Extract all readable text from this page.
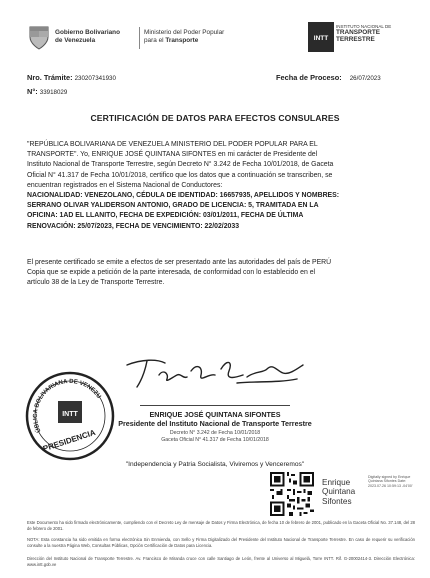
Gobierno Bolivariano
de Venezuela
Ministerio del Poder Popular
para el Transporte	INTT
INSTITUTO NACIONAL DE
TRANSPORTE
TERRESTRE
Nro. Trámite: 230207341930	Fecha de Proceso: 26/07/2023
N°: 33918029
CERTIFICACIÓN DE DATOS PARA EFECTOS CONSULARES
"REPÚBLICA BOLIVARIANA DE VENEZUELA MINISTERIO DEL PODER POPULAR PARA EL
TRANSPORTE". Yo, ENRIQUE JOSÉ QUINTANA SIFONTES en mi carácter de Presidente del
Instituto Nacional de Transporte Terrestre, según Decreto N° 3.242 de Fecha 10/01/2018, de Gaceta
Oficial N° 41.317 de Fecha 10/01/2018, certifico que los datos que a continuación se transcriben, se
encuentran registrados en el Sistema Nacional de Conductores:
NACIONALIDAD: VENEZOLANO, CÉDULA DE IDENTIDAD: 16657935, APELLIDOS Y NOMBRES:
SERRANO OLIVAR YALIDERSON ANTONIO, GRADO DE LICENCIA: 5, TRAMITADA EN LA
OFICINA: 1AD EL LLANITO, FECHA DE EXPEDICIÓN: 03/01/2011, FECHA DE ÚLTIMA
RENOVACIÓN: 25/07/2023, FECHA DE VENCIMIENTO: 22/02/2033
El presente certificado se emite a efectos de ser presentado ante las autoridades del país de PERÚ
Copia que se expide a petición de la parte interesada, de conformidad con lo establecido en el
artículo 38 de la Ley de Transporte Terrestre.
REPÚBLICA BOLIVARIANA DE VENEZUELA
INTT
PRESIDENCIA
ENRIQUE JOSÉ QUINTANA SIFONTES
Presidente del Instituto Nacional de Transporte Terrestre
Decreto N° 3.242 de Fecha 10/01/2018
Gaceta Oficial N° 41.317 de Fecha 10/01/2018
"Independencia y Patria Socialista, Viviremos y Venceremos"
Enrique
Quintana
Sifontes
Digitally signed by Enrique Quintana Sifontes Date: 2023.07.26 10:59:13 -04'00'
Este Documento ha sido firmado electrónicamente, cumpliendo con el Decreto Ley de mensaje de Datos y Firma Electrónica, de fecha 10 de febrero de 2001, publicado en la Gaceta Oficial No. 37.148, del 28 de febrero de 2001.
NOTA: Esta constancia ha sido emitida en forma electrónica Sin Enmienda, con Sello y Firma Digitalizado del Presidente del Instituto Nacional de Transporte Terrestre. En caso de requerir su verificación consulte a la nuestra Página Web, Consultas Públicas, Opción Certificación de Datos para Licencia.
Dirección del Instituto Nacional de Transporte Terrestre. Av. Francisco de Miranda cruce con calle Santiago de León, frente al Universo al Miguelá, Torre INTT. Rif. G-20002414-3. Dirección Electrónica: www.intt.gob.ve
